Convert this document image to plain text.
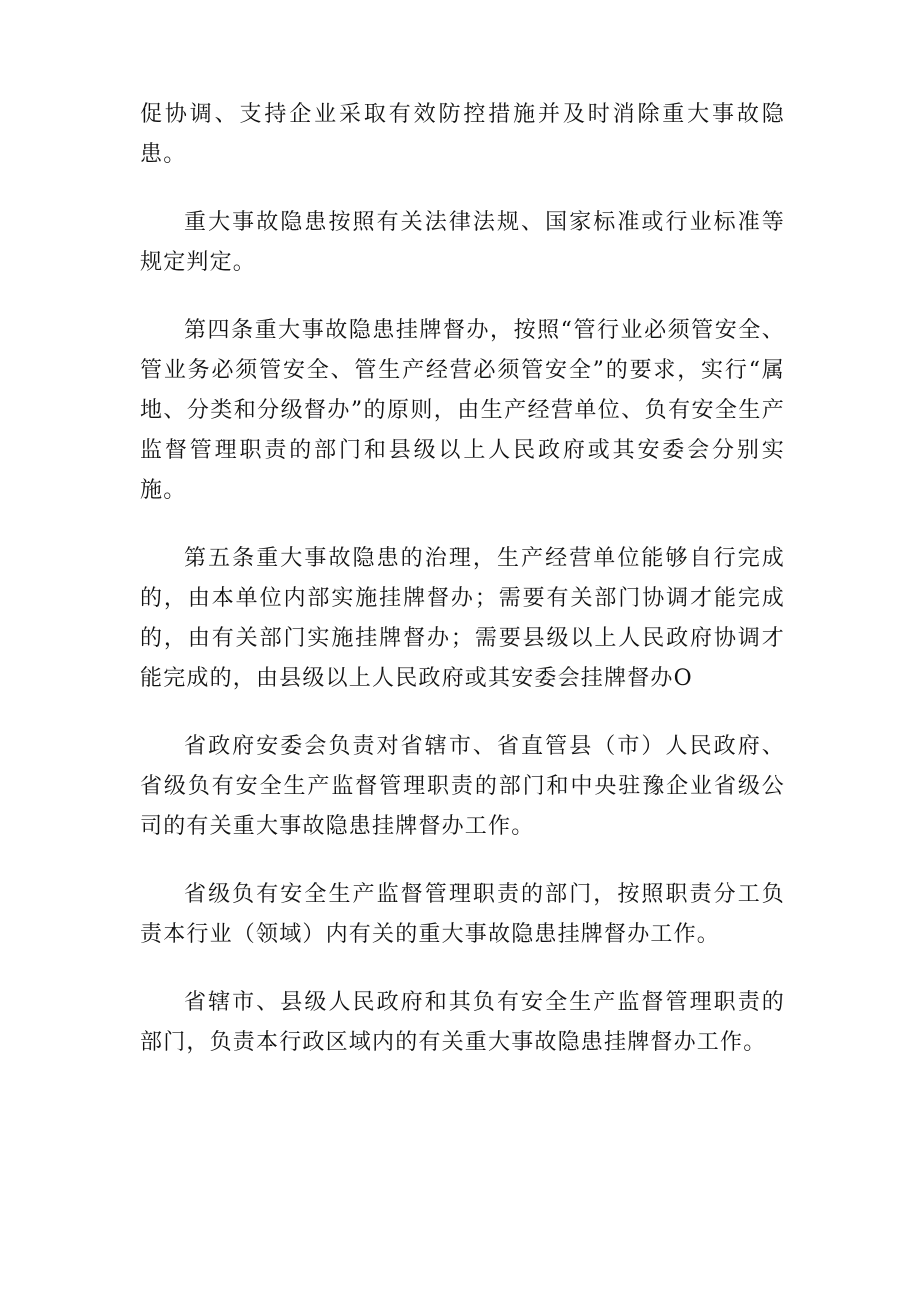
促协调、支持企业采取有效防控措施并及时消除重大事故隐患。

重大事故隐患按照有关法律法规、国家标准或行业标准等规定判定。

第四条重大事故隐患挂牌督办，按照“管行业必须管安全、管业务必须管安全、管生产经营必须管安全”的要求，实行“属地、分类和分级督办”的原则，由生产经营单位、负有安全生产监督管理职责的部门和县级以上人民政府或其安委会分别实施。

第五条重大事故隐患的治理，生产经营单位能够自行完成的，由本单位内部实施挂牌督办；需要有关部门协调才能完成的，由有关部门实施挂牌督办；需要县级以上人民政府协调才能完成的，由县级以上人民政府或其安委会挂牌督办O

省政府安委会负责对省辖市、省直管县（市）人民政府、省级负有安全生产监督管理职责的部门和中央驻豫企业省级公司的有关重大事故隐患挂牌督办工作。

省级负有安全生产监督管理职责的部门，按照职责分工负责本行业（领域）内有关的重大事故隐患挂牌督办工作。

省辖市、县级人民政府和其负有安全生产监督管理职责的部门，负责本行政区域内的有关重大事故隐患挂牌督办工作。
